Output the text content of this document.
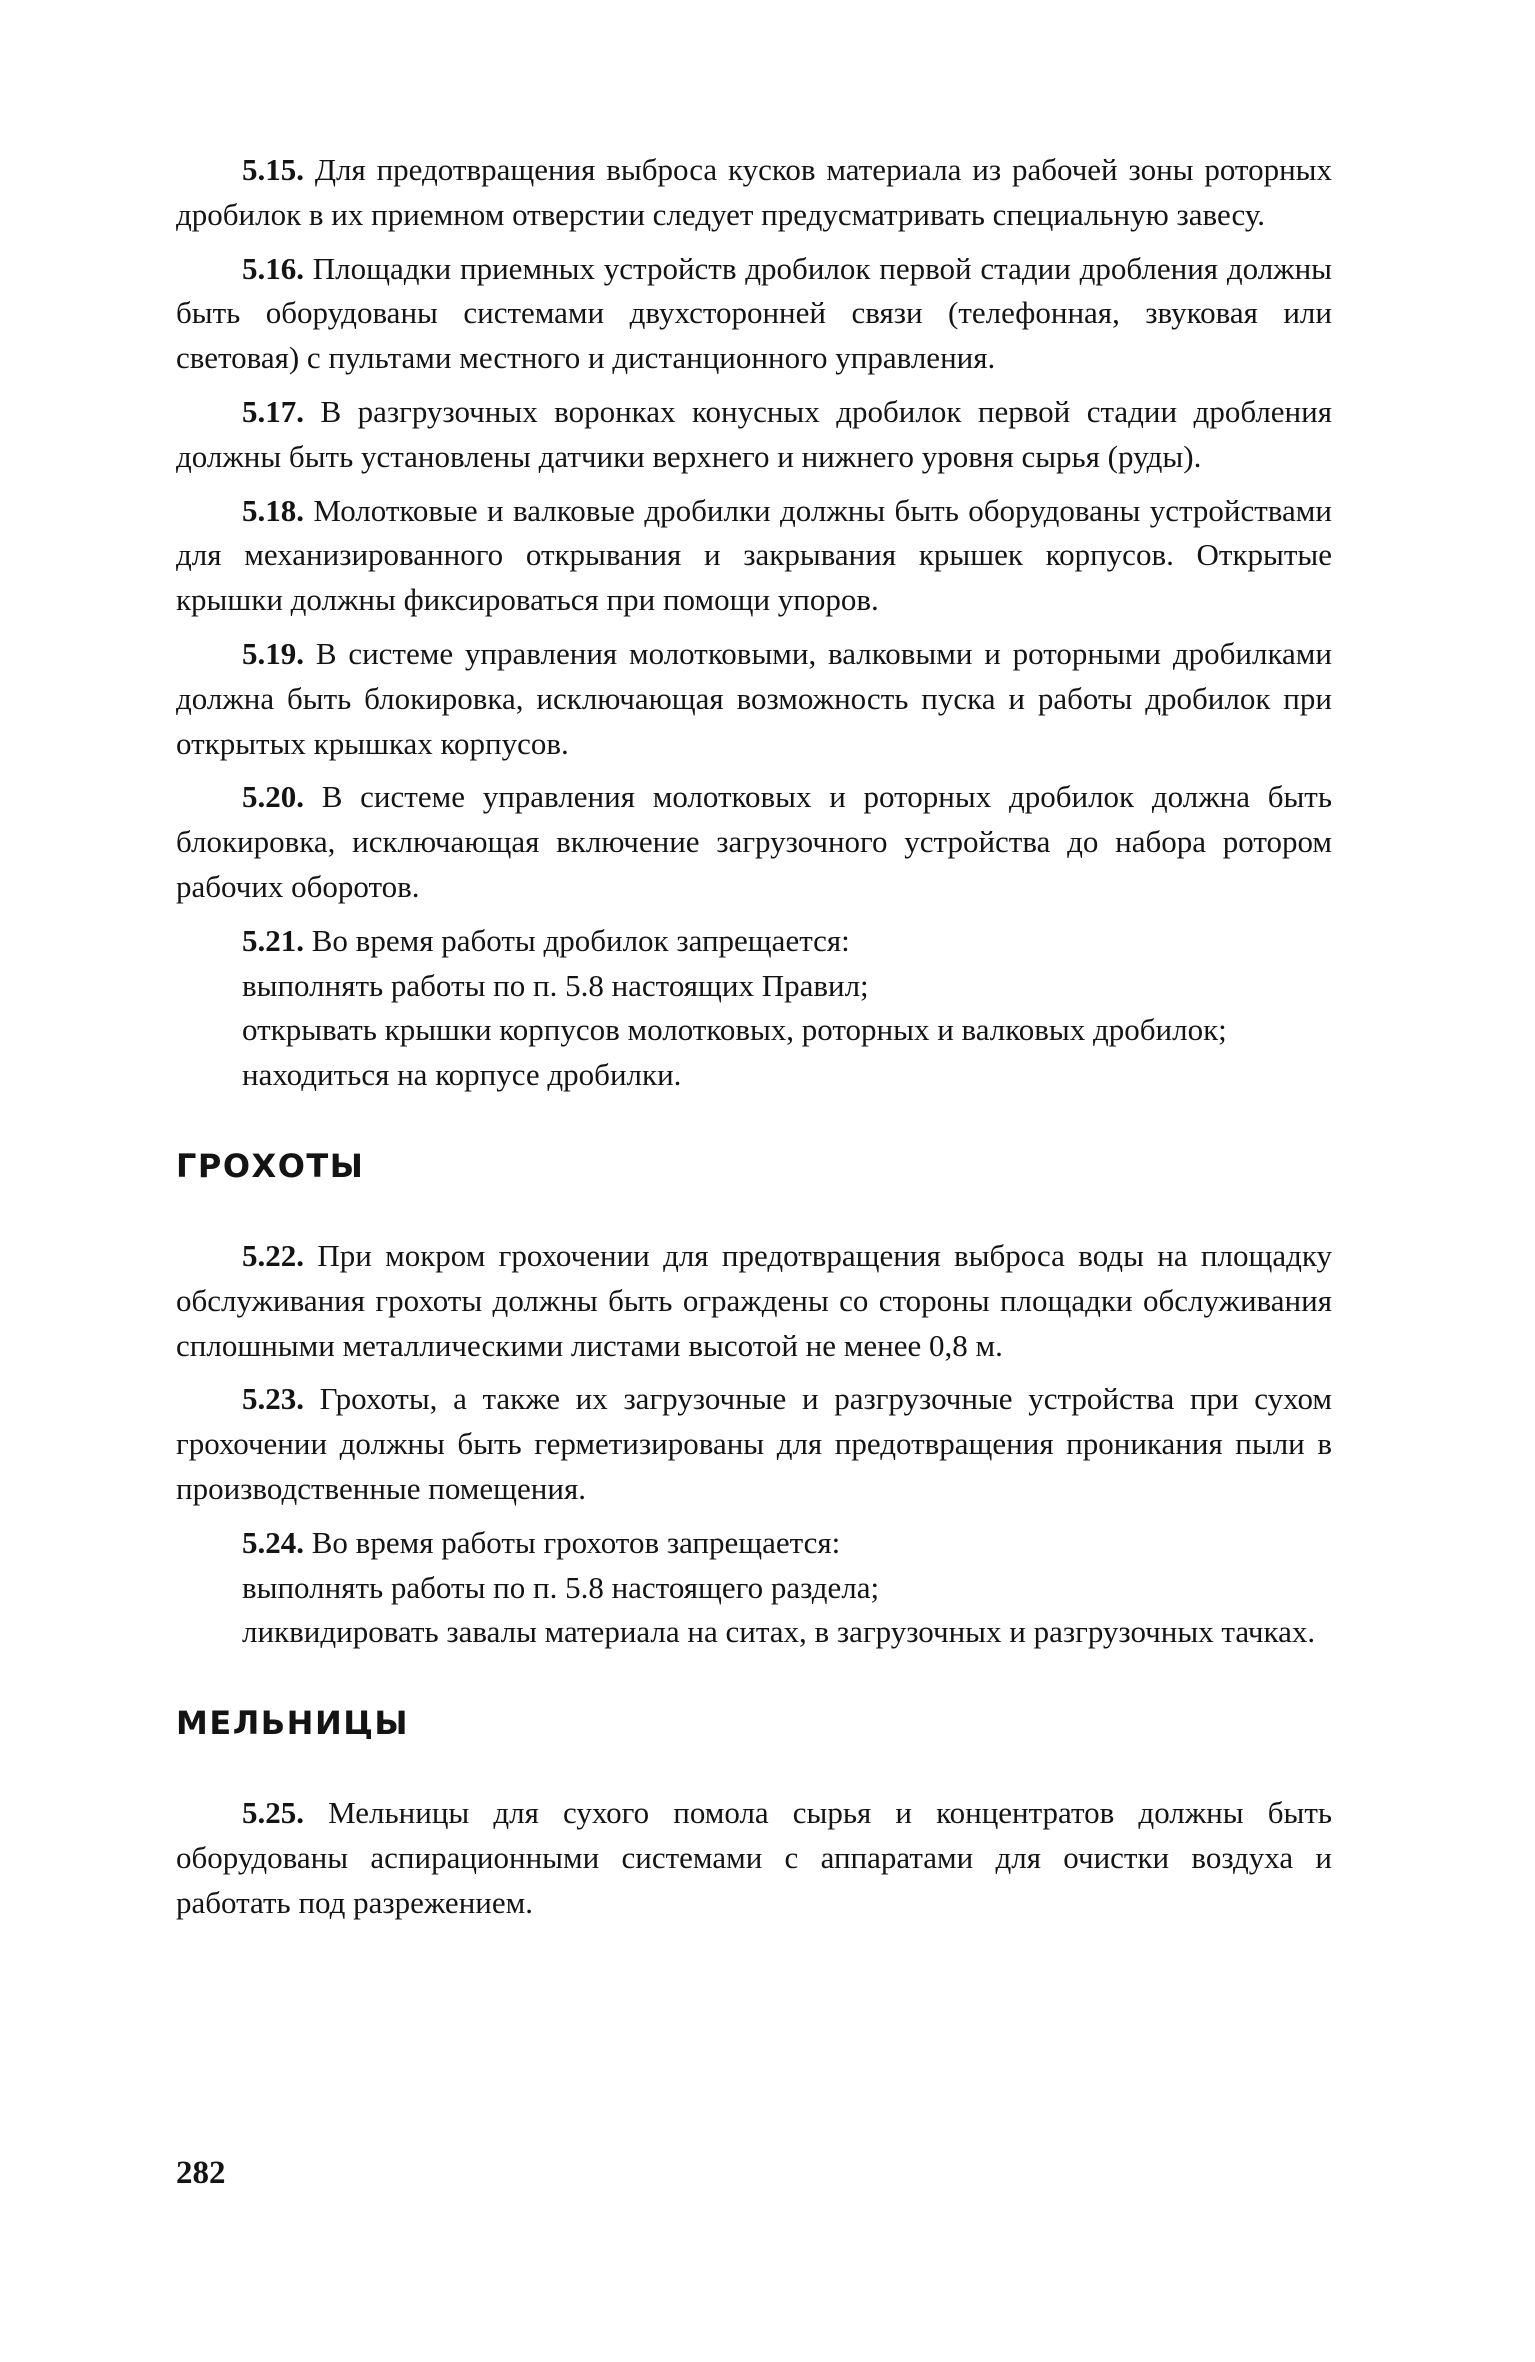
5.15. Для предотвращения выброса кусков материала из рабочей зоны роторных дробилок в их приемном отверстии следует предусматривать специальную завесу.

5.16. Площадки приемных устройств дробилок первой стадии дробления должны быть оборудованы системами двухсторонней связи (телефонная, звуковая или световая) с пультами местного и дистанционного управления.

5.17. В разгрузочных воронках конусных дробилок первой стадии дробления должны быть установлены датчики верхнего и нижнего уровня сырья (руды).

5.18. Молотковые и валковые дробилки должны быть оборудованы устройствами для механизированного открывания и закрывания крышек корпусов. Открытые крышки должны фиксироваться при помощи упоров.

5.19. В системе управления молотковыми, валковыми и роторными дробилками должна быть блокировка, исключающая возможность пуска и работы дробилок при открытых крышках корпусов.

5.20. В системе управления молотковых и роторных дробилок должна быть блокировка, исключающая включение загрузочного устройства до набора ротором рабочих оборотов.

5.21. Во время работы дробилок запрещается:

выполнять работы по п. 5.8 настоящих Правил;

открывать крышки корпусов молотковых, роторных и валковых дробилок;

находиться на корпусе дробилки.

ГРОХОТЫ

5.22. При мокром грохочении для предотвращения выброса воды на площадку обслуживания грохоты должны быть ограждены со стороны площадки обслуживания сплошными металлическими листами высотой не менее 0,8 м.

5.23. Грохоты, а также их загрузочные и разгрузочные устройства при сухом грохочении должны быть герметизированы для предотвращения проникания пыли в производственные помещения.

5.24. Во время работы грохотов запрещается:

выполнять работы по п. 5.8 настоящего раздела;

ликвидировать завалы материала на ситах, в загрузочных и разгрузочных тачках.

МЕЛЬНИЦЫ

5.25. Мельницы для сухого помола сырья и концентратов должны быть оборудованы аспирационными системами с аппаратами для очистки воздуха и работать под разрежением.

282
